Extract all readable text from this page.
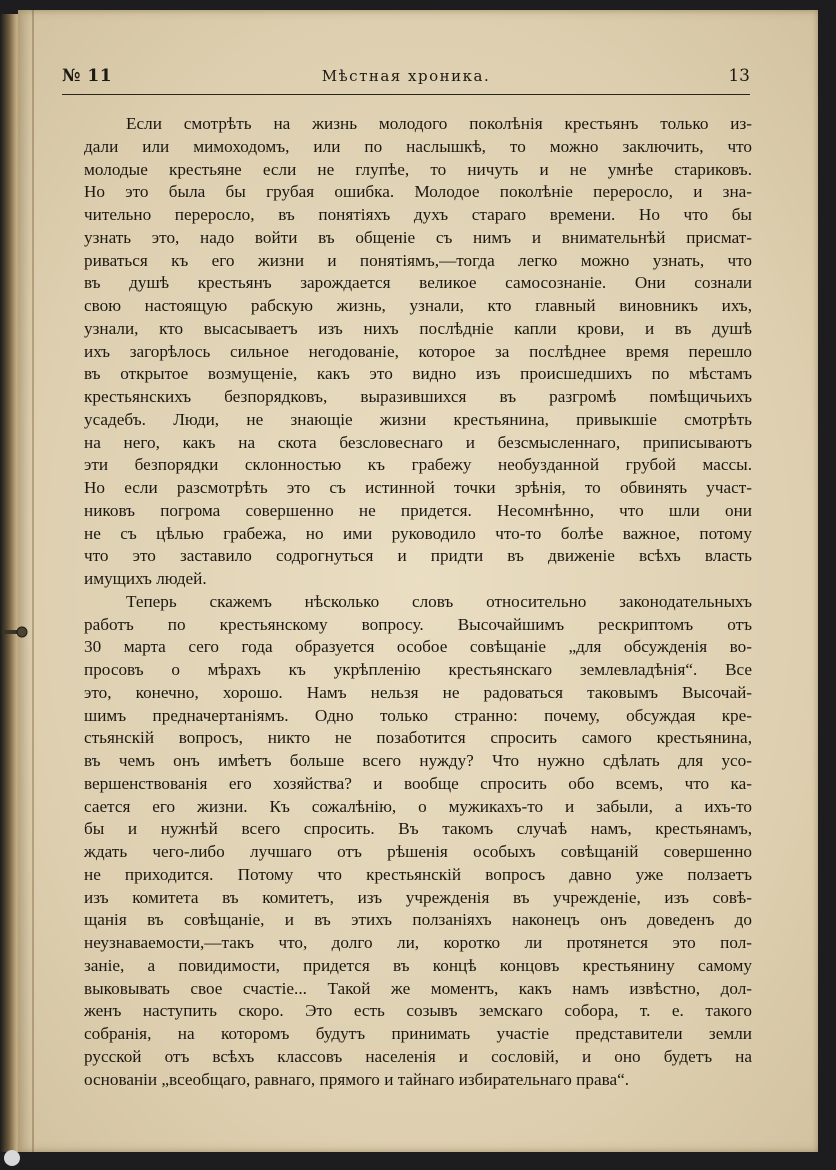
№ 11	Мѣстная хроника.	13
Если смотрѣть на жизнь молодого поколѣнія крестьянъ только из-
дали или мимоходомъ, или по наслышкѣ, то можно заключить, что
молодые крестьяне если не глупѣе, то ничуть и не умнѣе стариковъ.
Но это была бы грубая ошибка. Молодое поколѣніе переросло, и зна-
чительно переросло, въ понятіяхъ духъ стараго времени. Но что бы
узнать это, надо войти въ общеніе съ нимъ и внимательнѣй присмат-
риваться къ его жизни и понятіямъ,—тогда легко можно узнать, что
въ душѣ крестьянъ зарождается великое самосознаніе. Они сознали
свою настоящую рабскую жизнь, узнали, кто главный виновникъ ихъ,
узнали, кто высасываетъ изъ нихъ послѣдніе капли крови, и въ душѣ
ихъ загорѣлось сильное негодованіе, которое за послѣднее время перешло
въ открытое возмущеніе, какъ это видно изъ происшедшихъ по мѣстамъ
крестьянскихъ безпорядковъ, выразившихся въ разгромѣ помѣщичьихъ
усадебъ. Люди, не знающіе жизни крестьянина, привыкшіе смотрѣть
на него, какъ на скота безсловеснаго и безсмысленнаго, приписываютъ
эти безпорядки склонностью къ грабежу необузданной грубой массы.
Но если разсмотрѣть это съ истинной точки зрѣнія, то обвинять участ-
никовъ погрома совершенно не придется. Несомнѣнно, что шли они
не съ цѣлью грабежа, но ими руководило что-то болѣе важное, потому
что это заставило содрогнуться и придти въ движеніе всѣхъ власть
имущихъ людей.
Теперь скажемъ нѣсколько словъ относительно законодательныхъ
работъ по крестьянскому вопросу. Высочайшимъ рескриптомъ отъ
30 марта сего года образуется особое совѣщаніе „для обсужденія во-
просовъ о мѣрахъ къ укрѣпленію крестьянскаго землевладѣнія“. Все
это, конечно, хорошо. Намъ нельзя не радоваться таковымъ Высочай-
шимъ предначертаніямъ. Одно только странно: почему, обсуждая кре-
стьянскій вопросъ, никто не позаботится спросить самого крестьянина,
въ чемъ онъ имѣетъ больше всего нужду? Что нужно сдѣлать для усо-
вершенствованія его хозяйства? и вообще спросить обо всемъ, что ка-
сается его жизни. Къ сожалѣнію, о мужикахъ-то и забыли, а ихъ-то
бы и нужнѣй всего спросить. Въ такомъ случаѣ намъ, крестьянамъ,
ждать чего-либо лучшаго отъ рѣшенія особыхъ совѣщаній совершенно
не приходится. Потому что крестьянскій вопросъ давно уже ползаетъ
изъ комитета въ комитетъ, изъ учрежденія въ учрежденіе, изъ совѣ-
щанія въ совѣщаніе, и въ этихъ ползаніяхъ наконецъ онъ доведенъ до
неузнаваемости,—такъ что, долго ли, коротко ли протянется это пол-
заніе, а повидимости, придется въ концѣ концовъ крестьянину самому
выковывать свое счастіе... Такой же моментъ, какъ намъ извѣстно, дол-
женъ наступить скоро. Это есть созывъ земскаго собора, т. е. такого
собранія, на которомъ будутъ принимать участіе представители земли
русской отъ всѣхъ классовъ населенія и сословій, и оно будетъ на
основаніи „всеобщаго, равнаго, прямого и тайнаго избирательнаго права“.
